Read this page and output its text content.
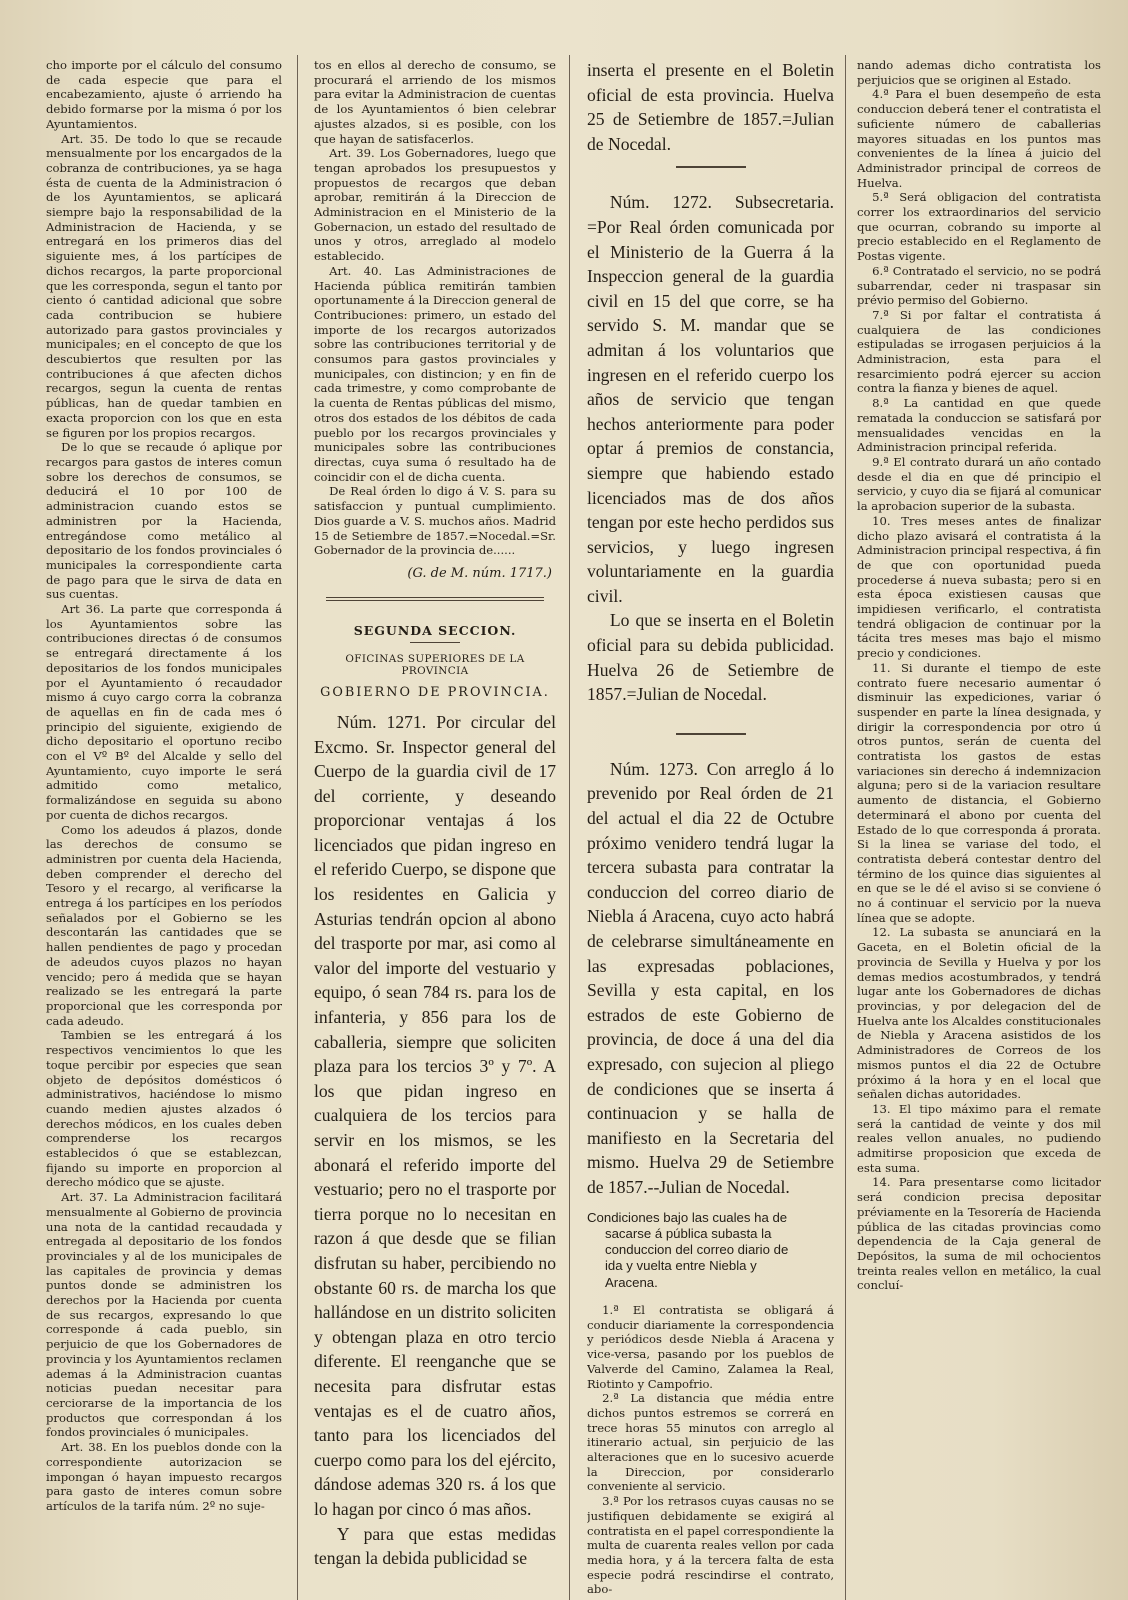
cho importe por el cálculo del consumo de cada especie que para el encabezamiento, ajuste ó arriendo ha debido formarse por la misma ó por los Ayuntamientos.

Art. 35. De todo lo que se recaude mensualmente por los encargados de la cobranza de contribuciones, ya se haga ésta de cuenta de la Administracion ó de los Ayuntamientos, se aplicará siempre bajo la responsabilidad de la Administracion de Hacienda, y se entregará en los primeros dias del siguiente mes, á los partícipes de dichos recargos, la parte proporcional que les corresponda, segun el tanto por ciento ó cantidad adicional que sobre cada contribucion se hubiere autorizado para gastos provinciales y municipales; en el concepto de que los descubiertos que resulten por las contribuciones á que afecten dichos recargos, segun la cuenta de rentas públicas, han de quedar tambien en exacta proporcion con los que en esta se figuren por los propios recargos.

De lo que se recaude ó aplique por recargos para gastos de interes comun sobre los derechos de consumos, se deducirá el 10 por 100 de administracion cuando estos se administren por la Hacienda, entregándose como metálico al depositario de los fondos provinciales ó municipales la correspondiente carta de pago para que le sirva de data en sus cuentas.

Art 36. La parte que corresponda á los Ayuntamientos sobre las contribuciones directas ó de consumos se entregará directamente á los depositarios de los fondos municipales por el Ayuntamiento ó recaudador mismo á cuyo cargo corra la cobranza de aquellas en fin de cada mes ó principio del siguiente, exigiendo de dicho depositario el oportuno recibo con el Vº Bº del Alcalde y sello del Ayuntamiento, cuyo importe le será admitido como metalico, formalizándose en seguida su abono por cuenta de dichos recargos.

Como los adeudos á plazos, donde las derechos de consumo se administren por cuenta dela Hacienda, deben comprender el derecho del Tesoro y el recargo, al verificarse la entrega á los partícipes en los períodos señalados por el Gobierno se les descontarán las cantidades que se hallen pendientes de pago y procedan de adeudos cuyos plazos no hayan vencido; pero á medida que se hayan realizado se les entregará la parte proporcional que les corresponda por cada adeudo.

Tambien se les entregará á los respectivos vencimientos lo que les toque percibir por especies que sean objeto de depósitos domésticos ó administrativos, haciéndose lo mismo cuando medien ajustes alzados ó derechos módicos, en los cuales deben comprenderse los recargos establecidos ó que se establezcan, fijando su importe en proporcion al derecho módico que se ajuste.

Art. 37. La Administracion facilitará mensualmente al Gobierno de provincia una nota de la cantidad recaudada y entregada al depositario de los fondos provinciales y al de los municipales de las capitales de provincia y demas puntos donde se administren los derechos por la Hacienda por cuenta de sus recargos, expresando lo que corresponde á cada pueblo, sin perjuicio de que los Gobernadores de provincia y los Ayuntamientos reclamen ademas á la Administracion cuantas noticias puedan necesitar para cerciorarse de la importancia de los productos que correspondan á los fondos provinciales ó municipales.

Art. 38. En los pueblos donde con la correspondiente autorizacion se impongan ó hayan impuesto recargos para gasto de interes comun sobre artículos de la tarifa núm. 2º no suje-

tos en ellos al derecho de consumo, se procurará el arriendo de los mismos para evitar la Administracion de cuentas de los Ayuntamientos ó bien celebrar ajustes alzados, si es posible, con los que hayan de satisfacerlos.

Art. 39. Los Gobernadores, luego que tengan aprobados los presupuestos y propuestos de recargos que deban aprobar, remitirán á la Direccion de Administracion en el Ministerio de la Gobernacion, un estado del resultado de unos y otros, arreglado al modelo establecido.

Art. 40. Las Administraciones de Hacienda pública remitirán tambien oportunamente á la Direccion general de Contribuciones: primero, un estado del importe de los recargos autorizados sobre las contribuciones territorial y de consumos para gastos provinciales y municipales, con distincion; y en fin de cada trimestre, y como comprobante de la cuenta de Rentas públicas del mismo, otros dos estados de los débitos de cada pueblo por los recargos provinciales y municipales sobre las contribuciones directas, cuya suma ó resultado ha de coincidir con el de dicha cuenta.

De Real órden lo digo á V. S. para su satisfaccion y puntual cumplimiento. Dios guarde a V. S. muchos años. Madrid 15 de Setiembre de 1857.=Nocedal.=Sr. Gobernador de la provincia de......

(G. de M. núm. 1717.)
SEGUNDA SECCION.
OFICINAS SUPERIORES DE LA PROVINCIA
GOBIERNO DE PROVINCIA.

Núm. 1271. Por circular del Excmo. Sr. Inspector general del Cuerpo de la guardia civil de 17 del corriente, y deseando proporcionar ventajas á los licenciados que pidan ingreso en el referido Cuerpo, se dispone que los residentes en Galicia y Asturias tendrán opcion al abono del trasporte por mar, asi como al valor del importe del vestuario y equipo, ó sean 784 rs. para los de infanteria, y 856 para los de caballeria, siempre que soliciten plaza para los tercios 3º y 7º. A los que pidan ingreso en cualquiera de los tercios para servir en los mismos, se les abonará el referido importe del vestuario; pero no el trasporte por tierra porque no lo necesitan en razon á que desde que se filian disfrutan su haber, percibiendo no obstante 60 rs. de marcha los que hallándose en un distrito soliciten y obtengan plaza en otro tercio diferente. El reenganche que se necesita para disfrutar estas ventajas es el de cuatro años, tanto para los licenciados del cuerpo como para los del ejército, dándose ademas 320 rs. á los que lo hagan por cinco ó mas años.

Y para que estas medidas tengan la debida publicidad se

inserta el presente en el Boletin oficial de esta provincia. Huelva 25 de Setiembre de 1857.=Julian de Nocedal.

Núm. 1272. Subsecretaria. =Por Real órden comunicada por el Ministerio de la Guerra á la Inspeccion general de la guardia civil en 15 del que corre, se ha servido S. M. mandar que se admitan á los voluntarios que ingresen en el referido cuerpo los años de servicio que tengan hechos anteriormente para poder optar á premios de constancia, siempre que habiendo estado licenciados mas de dos años tengan por este hecho perdidos sus servicios, y luego ingresen voluntariamente en la guardia civil.

Lo que se inserta en el Boletin oficial para su debida publicidad. Huelva 26 de Setiembre de 1857.=Julian de Nocedal.

Núm. 1273. Con arreglo á lo prevenido por Real órden de 21 del actual el dia 22 de Octubre próximo venidero tendrá lugar la tercera subasta para contratar la conduccion del correo diario de Niebla á Aracena, cuyo acto habrá de celebrarse simultáneamente en las expresadas poblaciones, Sevilla y esta capital, en los estrados de este Gobierno de provincia, de doce á una del dia expresado, con sujecion al pliego de condiciones que se inserta á continuacion y se halla de manifiesto en la Secretaria del mismo. Huelva 29 de Setiembre de 1857.--Julian de Nocedal.

Condiciones bajo las cuales ha de
sacarse á pública subasta la
conduccion del correo diario de
ida y vuelta entre Niebla y
Aracena.

1.ª El contratista se obligará á conducir diariamente la correspondencia y periódicos desde Niebla á Aracena y vice-versa, pasando por los pueblos de Valverde del Camino, Zalamea la Real, Riotinto y Campofrio.

2.ª La distancia que média entre dichos puntos estremos se correrá en trece horas 55 minutos con arreglo al itinerario actual, sin perjuicio de las alteraciones que en lo sucesivo acuerde la Direccion, por considerarlo conveniente al servicio.

3.ª Por los retrasos cuyas causas no se justifiquen debidamente se exigirá al contratista en el papel correspondiente la multa de cuarenta reales vellon por cada media hora, y á la tercera falta de esta especie podrá rescindirse el contrato, abo-

nando ademas dicho contratista los perjuicios que se originen al Estado.

4.ª Para el buen desempeño de esta conduccion deberá tener el contratista el suficiente número de caballerias mayores situadas en los puntos mas convenientes de la línea á juicio del Administrador principal de correos de Huelva.

5.ª Será obligacion del contratista correr los extraordinarios del servicio que ocurran, cobrando su importe al precio establecido en el Reglamento de Postas vigente.

6.ª Contratado el servicio, no se podrá subarrendar, ceder ni traspasar sin prévio permiso del Gobierno.

7.ª Si por faltar el contratista á cualquiera de las condiciones estipuladas se irrogasen perjuicios á la Administracion, esta para el resarcimiento podrá ejercer su accion contra la fianza y bienes de aquel.

8.ª La cantidad en que quede rematada la conduccion se satisfará por mensualidades vencidas en la Administracion principal referida.

9.ª El contrato durará un año contado desde el dia en que dé principio el servicio, y cuyo dia se fijará al comunicar la aprobacion superior de la subasta.

10. Tres meses antes de finalizar dicho plazo avisará el contratista á la Administracion principal respectiva, á fin de que con oportunidad pueda procederse á nueva subasta; pero si en esta época existiesen causas que impidiesen verificarlo, el contratista tendrá obligacion de continuar por la tácita tres meses mas bajo el mismo precio y condiciones.

11. Si durante el tiempo de este contrato fuere necesario aumentar ó disminuir las expediciones, variar ó suspender en parte la línea designada, y dirigir la correspondencia por otro ú otros puntos, serán de cuenta del contratista los gastos de estas variaciones sin derecho á indemnizacion alguna; pero si de la variacion resultare aumento de distancia, el Gobierno determinará el abono por cuenta del Estado de lo que corresponda á prorata. Si la linea se variase del todo, el contratista deberá contestar dentro del término de los quince dias siguientes al en que se le dé el aviso si se conviene ó no á continuar el servicio por la nueva línea que se adopte.

12. La subasta se anunciará en la Gaceta, en el Boletin oficial de la provincia de Sevilla y Huelva y por los demas medios acostumbrados, y tendrá lugar ante los Gobernadores de dichas provincias, y por delegacion del de Huelva ante los Alcaldes constitucionales de Niebla y Aracena asistidos de los Administradores de Correos de los mismos puntos el dia 22 de Octubre próximo á la hora y en el local que señalen dichas autoridades.

13. El tipo máximo para el remate será la cantidad de veinte y dos mil reales vellon anuales, no pudiendo admitirse proposicion que exceda de esta suma.

14. Para presentarse como licitador será condicion precisa depositar préviamente en la Tesorería de Hacienda pública de las citadas provincias como dependencia de la Caja general de Depósitos, la suma de mil ochocientos treinta reales vellon en metálico, la cual concluí-
